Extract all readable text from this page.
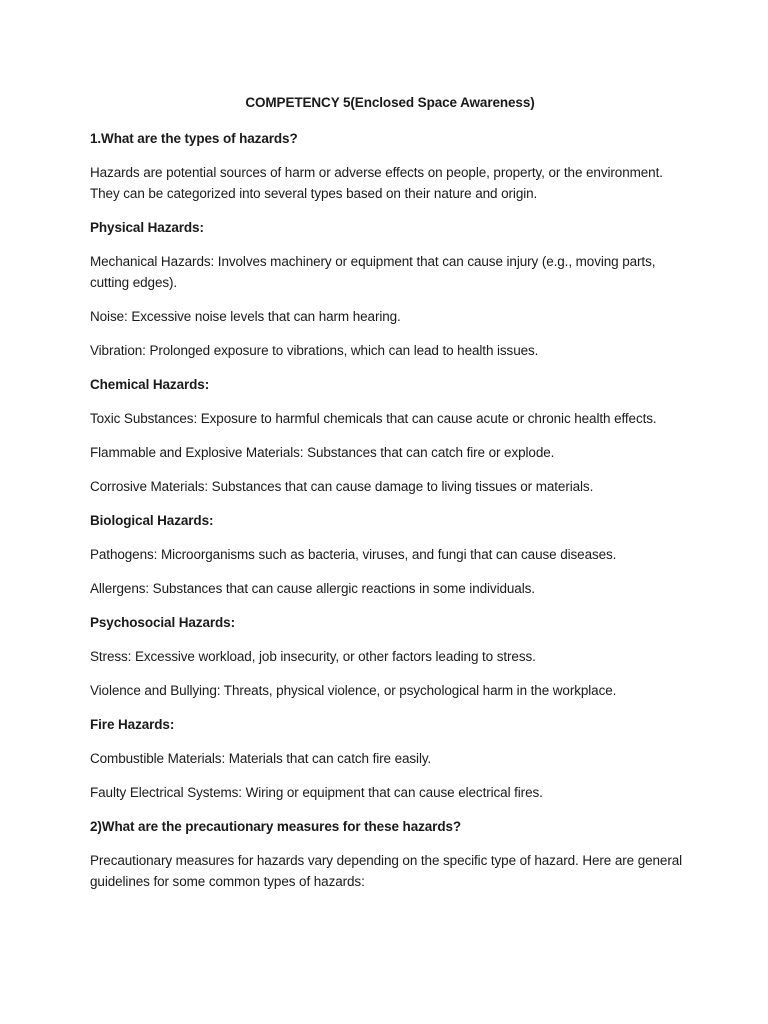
COMPETENCY 5(Enclosed Space Awareness)
1.What are the types of hazards?
Hazards are potential sources of harm or adverse effects on people, property, or the environment. They can be categorized into several types based on their nature and origin.
Physical Hazards:
Mechanical Hazards: Involves machinery or equipment that can cause injury (e.g., moving parts, cutting edges).
Noise: Excessive noise levels that can harm hearing.
Vibration: Prolonged exposure to vibrations, which can lead to health issues.
Chemical Hazards:
Toxic Substances: Exposure to harmful chemicals that can cause acute or chronic health effects.
Flammable and Explosive Materials: Substances that can catch fire or explode.
Corrosive Materials: Substances that can cause damage to living tissues or materials.
Biological Hazards:
Pathogens: Microorganisms such as bacteria, viruses, and fungi that can cause diseases.
Allergens: Substances that can cause allergic reactions in some individuals.
Psychosocial Hazards:
Stress: Excessive workload, job insecurity, or other factors leading to stress.
Violence and Bullying: Threats, physical violence, or psychological harm in the workplace.
Fire Hazards:
Combustible Materials: Materials that can catch fire easily.
Faulty Electrical Systems: Wiring or equipment that can cause electrical fires.
2)What are the precautionary measures for these hazards?
Precautionary measures for hazards vary depending on the specific type of hazard. Here are general guidelines for some common types of hazards:
